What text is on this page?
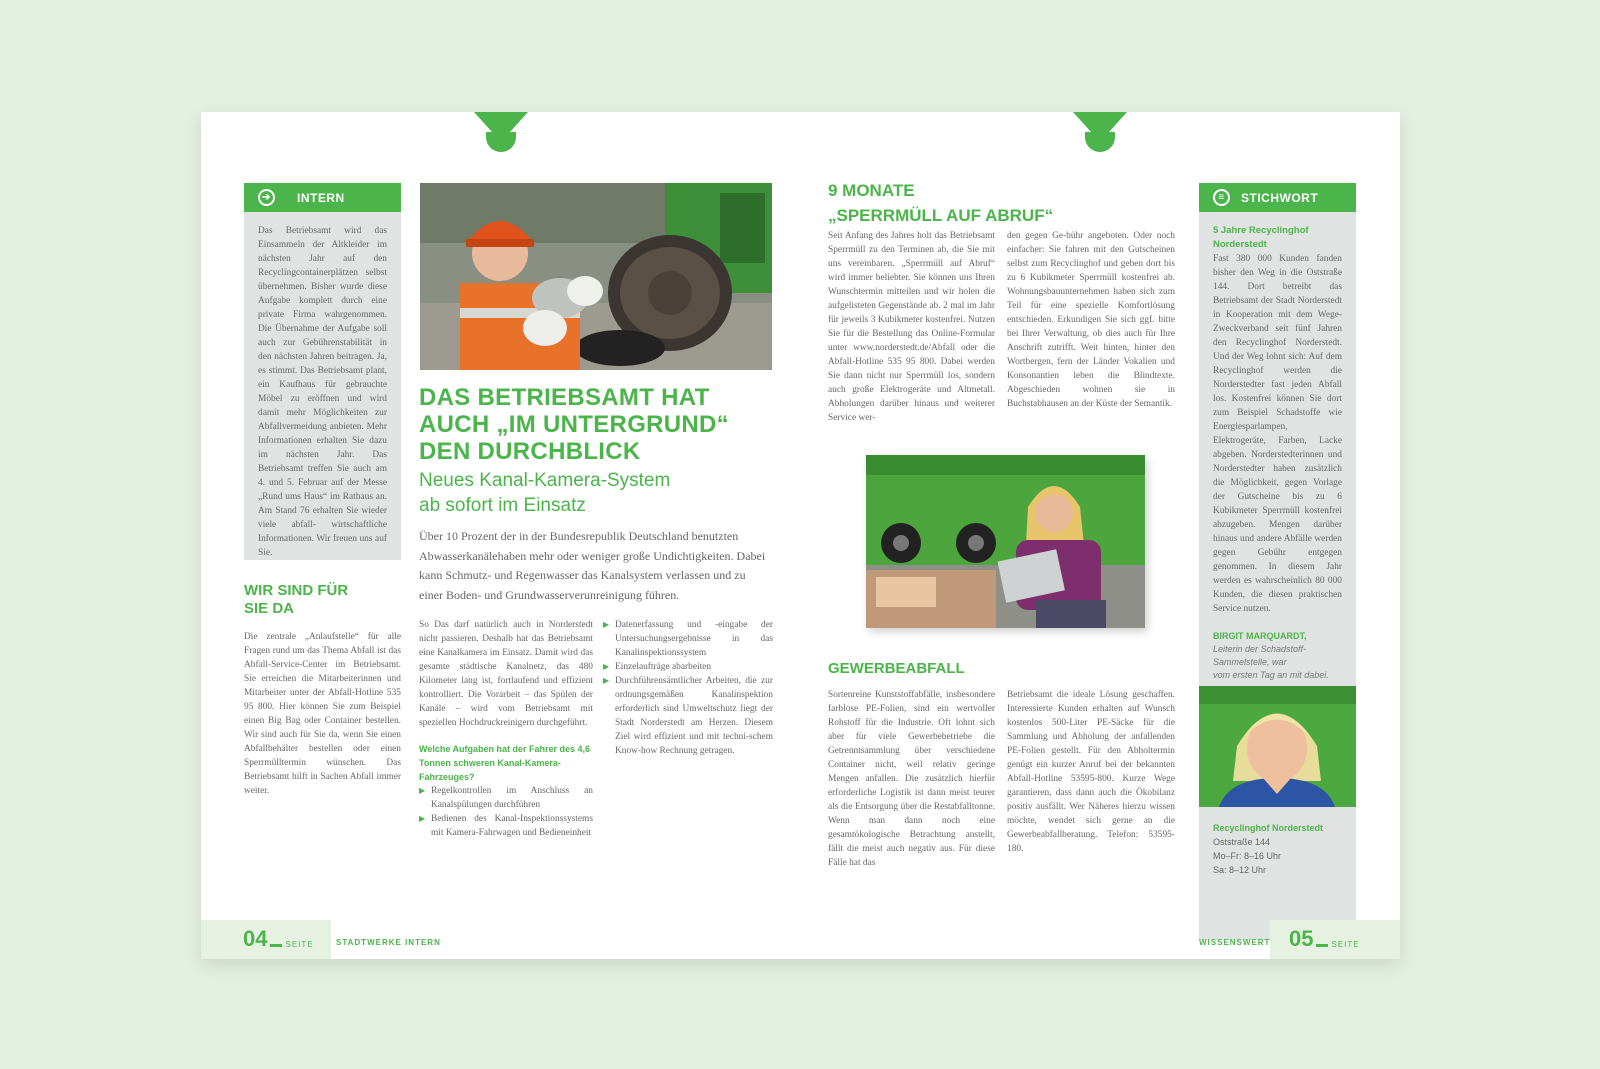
➔	INTERN
Das Betriebsamt wird das Einsammeln der Altkleider im nächsten Jahr auf den Recyclingcontainerplätzen selbst übernehmen. Bisher wurde diese Aufgabe komplett durch eine private Firma wahrgenommen. Die Übernahme der Aufgabe soll auch zur Gebührenstabilität in den nächsten Jahren beitragen. Ja, es stimmt. Das Betriebsamt plant, ein Kaufhaus für gebrauchte Möbel zu eröffnen und wird damit mehr Möglichkeiten zur Abfallvermeidung anbieten. Mehr Informationen erhalten Sie dazu im nächsten Jahr. Das Betriebsamt treffen Sie auch am 4. und 5. Februar auf der Messe „Rund ums Haus“ im Rathaus an. Am Stand 76 erhalten Sie wieder viele abfall- wirtschaftliche Informationen. Wir freuen uns auf Sie.
WIR SIND FÜR
SIE DA
Die zentrale „Anlaufstelle“ für alle Fragen rund um das Thema Abfall ist das Abfall-Service-Center im Betriebsamt. Sie erreichen die Mitarbeiterinnen und Mitarbeiter unter der Abfall-Hotline 535 95 800. Hier können Sie zum Beispiel einen Big Bag oder Container bestellen. Wir sind auch für Sie da, wenn Sie einen Abfallbehälter bestellen oder einen Sperrmülltermin wünschen. Das Betriebsamt hilft in Sachen Abfall immer weiter.
DAS BETRIEBSAMT HAT
AUCH „IM UNTERGRUND“
DEN DURCHBLICK
Neues Kanal-Kamera-System
ab sofort im Einsatz
Über 10 Prozent der in der Bundesrepublik Deutschland benutzten Abwasserkanälehaben mehr oder weniger große Undichtigkeiten. Dabei kann Schmutz- und Regenwasser das Kanalsystem verlassen und zu einer Boden- und Grundwasserverunreinigung führen.

So Das darf natürlich auch in Norderstedt nicht passieren. Deshalb hat das Betriebsamt eine Kanalkamera im Einsatz. Damit wird das gesamte städtische Kanalnetz, das 480 Kilometer lang ist, fortlaufend und effizient kontrolliert. Die Vorarbeit – das Spülen der Kanäle – wird vom Betriebsamt mit speziellen Hochdruckreinigern durchgeführt.

Welche Aufgaben hat der Fahrer des 4,6 Tonnen schweren Kanal-Kamera-Fahrzeuges?

▶ Regelkontrollen im Anschluss an Kanalspülungen durchführen
▶ Bedienen des Kanal-Inspektionssystems mit Kamera-Fahrwagen und Bedieneinheit
▶ Datenerfassung und -eingabe der Untersuchungsergebnisse in das Kanalinspektionssystem
▶ Einzelaufträge abarbeiten
▶ Durchführensämtlicher Arbeiten, die zur ordnungsgemäßen Kanalinspektion erforderlich sind Umweltschutz liegt der Stadt Norderstedt am Herzen. Diesem Ziel wird effizient und mit techni-schem Know-how Rechnung getragen.
9 MONATE
„SPERRMÜLL AUF ABRUF“
Seit Anfang des Jahres holt das Betriebsamt Sperrmüll zu den Terminen ab, die Sie mit uns vereinbaren. „Sperrmüll auf Abruf“ wird immer beliebter. Sie können uns Ihren Wunschtermin mitteilen und wir holen die aufgelisteten Gegenstände ab. 2 mal im Jahr für jeweils 3 Kubikmeter kostenfrei. Nutzen Sie für die Bestellung das Online-Formular unter www.norderstedt.de/Abfall oder die Abfall-Hotline 535 95 800. Dabei werden Sie dann nicht nur Sperrmüll los, sondern auch große Elektrogeräte und Altmetall. Abholungen darüber hinaus und weiterer Service wer-
den gegen Ge-bühr angeboten. Oder noch einfacher: Sie fahren mit den Gutscheinen selbst zum Recyclinghof und geben dort bis zu 6 Kubikmeter Sperrmüll kostenfrei ab. Wohnungsbauunternehmen haben sich zum Teil für eine spezielle Komfortlösung entschieden. Erkundigen Sie sich ggf. bitte bei Ihrer Verwaltung, ob dies auch für Ihre Anschrift zutrifft. Weit hinten, hinter den Wortbergen, fern der Länder Vokalien und Konsonantien leben die Blindtexte. Abgeschieden wohnen sie in Buchstabhausen an der Küste der Semantik.
GEWERBEABFALL
Sortenreine Kunststoffabfälle, insbesondere farblose PE-Folien, sind ein wertvoller Rohstoff für die Industrie. Oft lohnt sich aber für viele Gewerbebetriebe die Getrenntsammlung über verschiedene Container nicht, weil relativ geringe Mengen anfallen. Die zusätzlich hierfür erforderliche Logistik ist dann meist teurer als die Entsorgung über die Restabfalltonne. Wenn man dann noch eine gesamtökologische Betrachtung anstellt, fällt die meist auch negativ aus. Für diese Fälle hat das
Betriebsamt die ideale Lösung geschaffen. Interessierte Kunden erhalten auf Wunsch kostenlos 500-Liter PE-Säcke für die Sammlung und Abholung der anfallenden PE-Folien gestellt. Für den Abholtermin genügt ein kurzer Anruf bei der bekannten Abfall-Hotline 53595-800. Kurze Wege garantieren, dass dann auch die Ökobilanz positiv ausfällt. Wer Näheres hierzu wissen möchte, wendet sich gerne an die Gewerbeabfallberatung. Telefon: 53595-180.
≡	STICHWORT
5 Jahre Recyclinghof
Norderstedt
Fast 380 000 Kunden fanden bisher den Weg in die Oststraße 144. Dort betreibt das Betriebsamt der Stadt Norderstedt in Kooperation mit dem Wege-Zweckverband seit fünf Jahren den Recyclinghof Norderstedt. Und der Weg lohnt sich: Auf dem Recyclinghof werden die Norderstedter fast jeden Abfall los. Kostenfrei können Sie dort zum Beispiel Schadstoffe wie Energiesparlampen, Elektrogeräte, Farben, Lacke abgeben. Norderstedterinnen und Norderstedter haben zusätzlich die Möglichkeit, gegen Vorlage der Gutscheine bis zu 6 Kubikmeter Sperrmüll kostenfrei abzugeben. Mengen darüber hinaus und andere Abfälle werden gegen Gebühr entgegen genommen. In diesem Jahr werden es wahrscheinlich 80 000 Kunden, die diesen praktischen Service nutzen.
BIRGIT MARQUARDT,
Leiterin der Schadstoff-
Sammelstelle, war
vom ersten Tag an mit dabei.
Recyclinghof Norderstedt
Oststraße 144
Mo–Fr: 8–16 Uhr
Sa: 8–12 Uhr
04 SEITE	STADTWERKE INTERN	WISSENSWERT 05 SEITE
